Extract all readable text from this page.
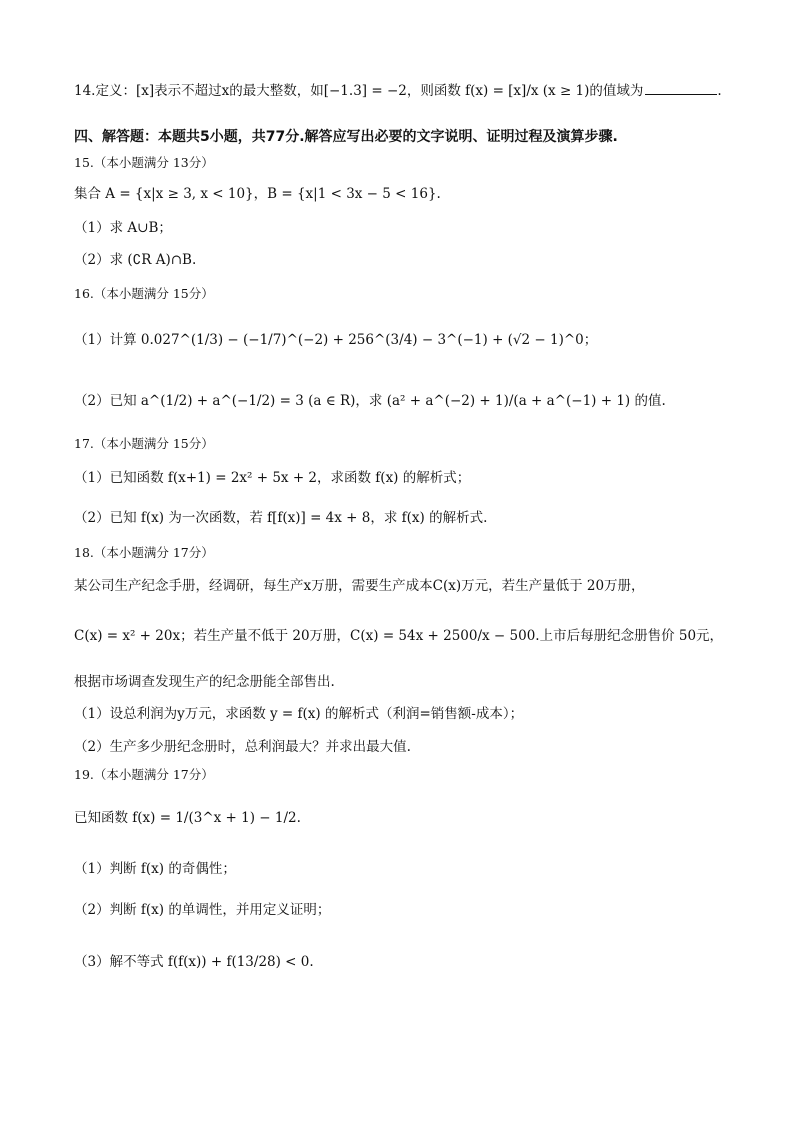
14.定义：[x]表示不超过x的最大整数，如[−1.3] = −2，则函数 f(x) = [x]/x (x ≥ 1)的值域为	.
四、解答题：本题共5小题，共77分.解答应写出必要的文字说明、证明过程及演算步骤.
15.（本小题满分 13分）
集合 A = {x|x ≥ 3, x < 10}，B = {x|1 < 3x − 5 < 16}.
（1）求 A∪B；
（2）求 (∁R A)∩B.
16.（本小题满分 15分）
（1）计算 0.027^(1/3) − (−1/7)^(−2) + 256^(3/4) − 3^(−1) + (√2 − 1)^0；
（2）已知 a^(1/2) + a^(−1/2) = 3 (a ∈ R)，求 (a² + a^(−2) + 1)/(a + a^(−1) + 1) 的值.
17.（本小题满分 15分）
（1）已知函数 f(x+1) = 2x² + 5x + 2，求函数 f(x) 的解析式；
（2）已知 f(x) 为一次函数，若 f[f(x)] = 4x + 8，求 f(x) 的解析式.
18.（本小题满分 17分）
某公司生产纪念手册，经调研，每生产x万册，需要生产成本C(x)万元，若生产量低于 20万册，
C(x) = x² + 20x；若生产量不低于 20万册，C(x) = 54x + 2500/x − 500.上市后每册纪念册售价 50元，
根据市场调查发现生产的纪念册能全部售出.
（1）设总利润为y万元，求函数 y = f(x) 的解析式（利润=销售额-成本）；
（2）生产多少册纪念册时，总利润最大？并求出最大值.
19.（本小题满分 17分）
已知函数 f(x) = 1/(3^x + 1) − 1/2.
（1）判断 f(x) 的奇偶性；
（2）判断 f(x) 的单调性，并用定义证明；
（3）解不等式 f(f(x)) + f(13/28) < 0.
